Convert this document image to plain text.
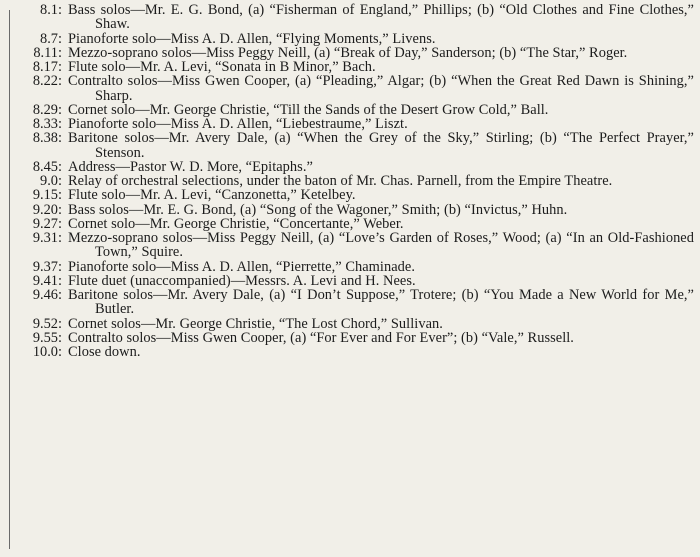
8.1: Bass solos—Mr. E. G. Bond, (a) “Fisherman of England,” Phillips; (b) “Old Clothes and Fine Clothes,” Shaw.
8.7: Pianoforte solo—Miss A. D. Allen, “Flying Moments,” Livens.
8.11: Mezzo-soprano solos—Miss Peggy Neill, (a) “Break of Day,” Sanderson; (b) “The Star,” Roger.
8.17: Flute solo—Mr. A. Levi, “Sonata in B Minor,” Bach.
8.22: Contralto solos—Miss Gwen Cooper, (a) “Pleading,” Algar; (b) “When the Great Red Dawn is Shining,” Sharp.
8.29: Cornet solo—Mr. George Christie, “Till the Sands of the Desert Grow Cold,” Ball.
8.33: Pianoforte solo—Miss A. D. Allen, “Liebestraume,” Liszt.
8.38: Baritone solos—Mr. Avery Dale, (a) “When the Grey of the Sky,” Stirling; (b) “The Perfect Prayer,” Stenson.
8.45: Address—Pastor W. D. More, “Epitaphs.”
9.0: Relay of orchestral selections, under the baton of Mr. Chas. Parnell, from the Empire Theatre.
9.15: Flute solo—Mr. A. Levi, “Canzonetta,” Ketelbey.
9.20: Bass solos—Mr. E. G. Bond, (a) “Song of the Wagoner,” Smith; (b) “Invictus,” Huhn.
9.27: Cornet solo—Mr. George Christie, “Concertante,” Weber.
9.31: Mezzo-soprano solos—Miss Peggy Neill, (a) “Love’s Garden of Roses,” Wood; (a) “In an Old-Fashioned Town,” Squire.
9.37: Pianoforte solo—Miss A. D. Allen, “Pierrette,” Chaminade.
9.41: Flute duet (unaccompanied)—Messrs. A. Levi and H. Nees.
9.46: Baritone solos—Mr. Avery Dale, (a) “I Don’t Suppose,” Trotere; (b) “You Made a New World for Me,” Butler.
9.52: Cornet solos—Mr. George Christie, “The Lost Chord,” Sullivan.
9.55: Contralto solos—Miss Gwen Cooper, (a) “For Ever and For Ever”; (b) “Vale,” Russell.
10.0: Close down.
